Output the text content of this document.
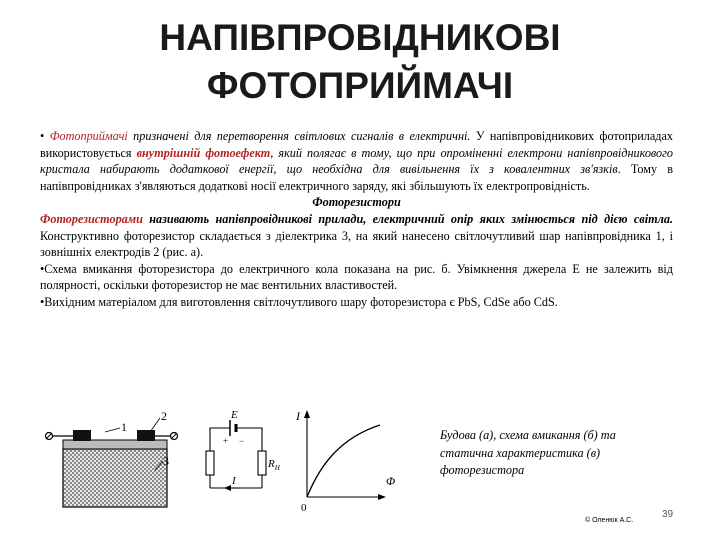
НАПІВПРОВІДНИКОВІ
ФОТОПРИЙМАЧІ

• Фотоприймачі призначені для перетворення світлових сигналів в електричні. У напівпровідникових фотоприладах використовується внутрішній фотоефект, який полягає в тому, що при опроміненні електрони напівпровідникового кристала набирають додаткової енергії, що необхідна для вивільнення їх з ковалентних зв'язків. Тому в напівпровідниках з'являються додаткові носії електричного заряду, які збільшують їх електропровідність.

Фоторезистори

Фоторезисторами називають напівпровідникові прилади, електричний опір яких змінюється під дією світла. Конструктивно фоторезистор складається з діелектрика 3, на який нанесено світлочутливий шар напівпровідника 1, і зовнішніх електродів 2 (рис. а).

•Схема вмикання фоторезистора до електричного кола показана на рис. б. Увімкнення джерела Е не залежить від полярності, оскільки фоторезистор не має вентильних властивостей.

•Вихідним матеріалом для виготовлення світлочутливого шару фоторезистора є PbS, CdSe або CdS.

1
2
3
E
+ −
I
$R_H$
I
Φ
0
Будова (а), схема вмикання (б) та
статична характеристика (в)
фоторезистора
© Оленюк А.С.
39
